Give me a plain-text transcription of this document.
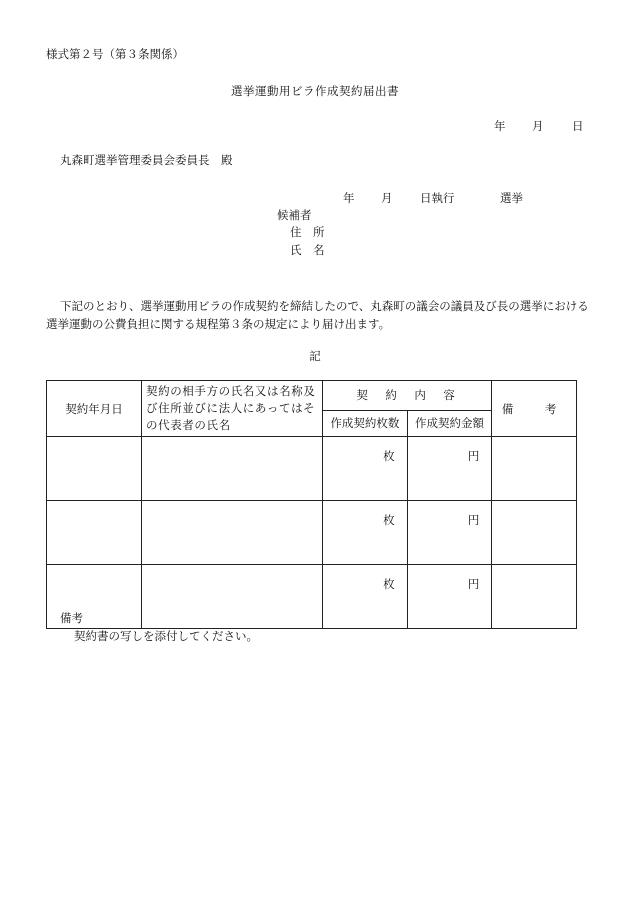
様式第２号（第３条関係）
選挙運動用ビラ作成契約届出書
年 月 日
丸森町選挙管理委員会委員長　殿
年 月 日執行	選挙
候補者
住　所
氏　名
下記のとおり、選挙運動用ビラの作成契約を締結したので、丸森町の議会の議員及び長の選挙における選挙運動の公費負担に関する規程第３条の規定により届け出ます。
記
契約年月日	契約の相手方の氏名又は名称及び住所並びに法人にあってはその代表者の氏名	契　約　内　容		備　考
		作成契約枚数	作成契約金額	
		枚	円	
		枚	円	
		枚	円	
備考
契約書の写しを添付してください。
